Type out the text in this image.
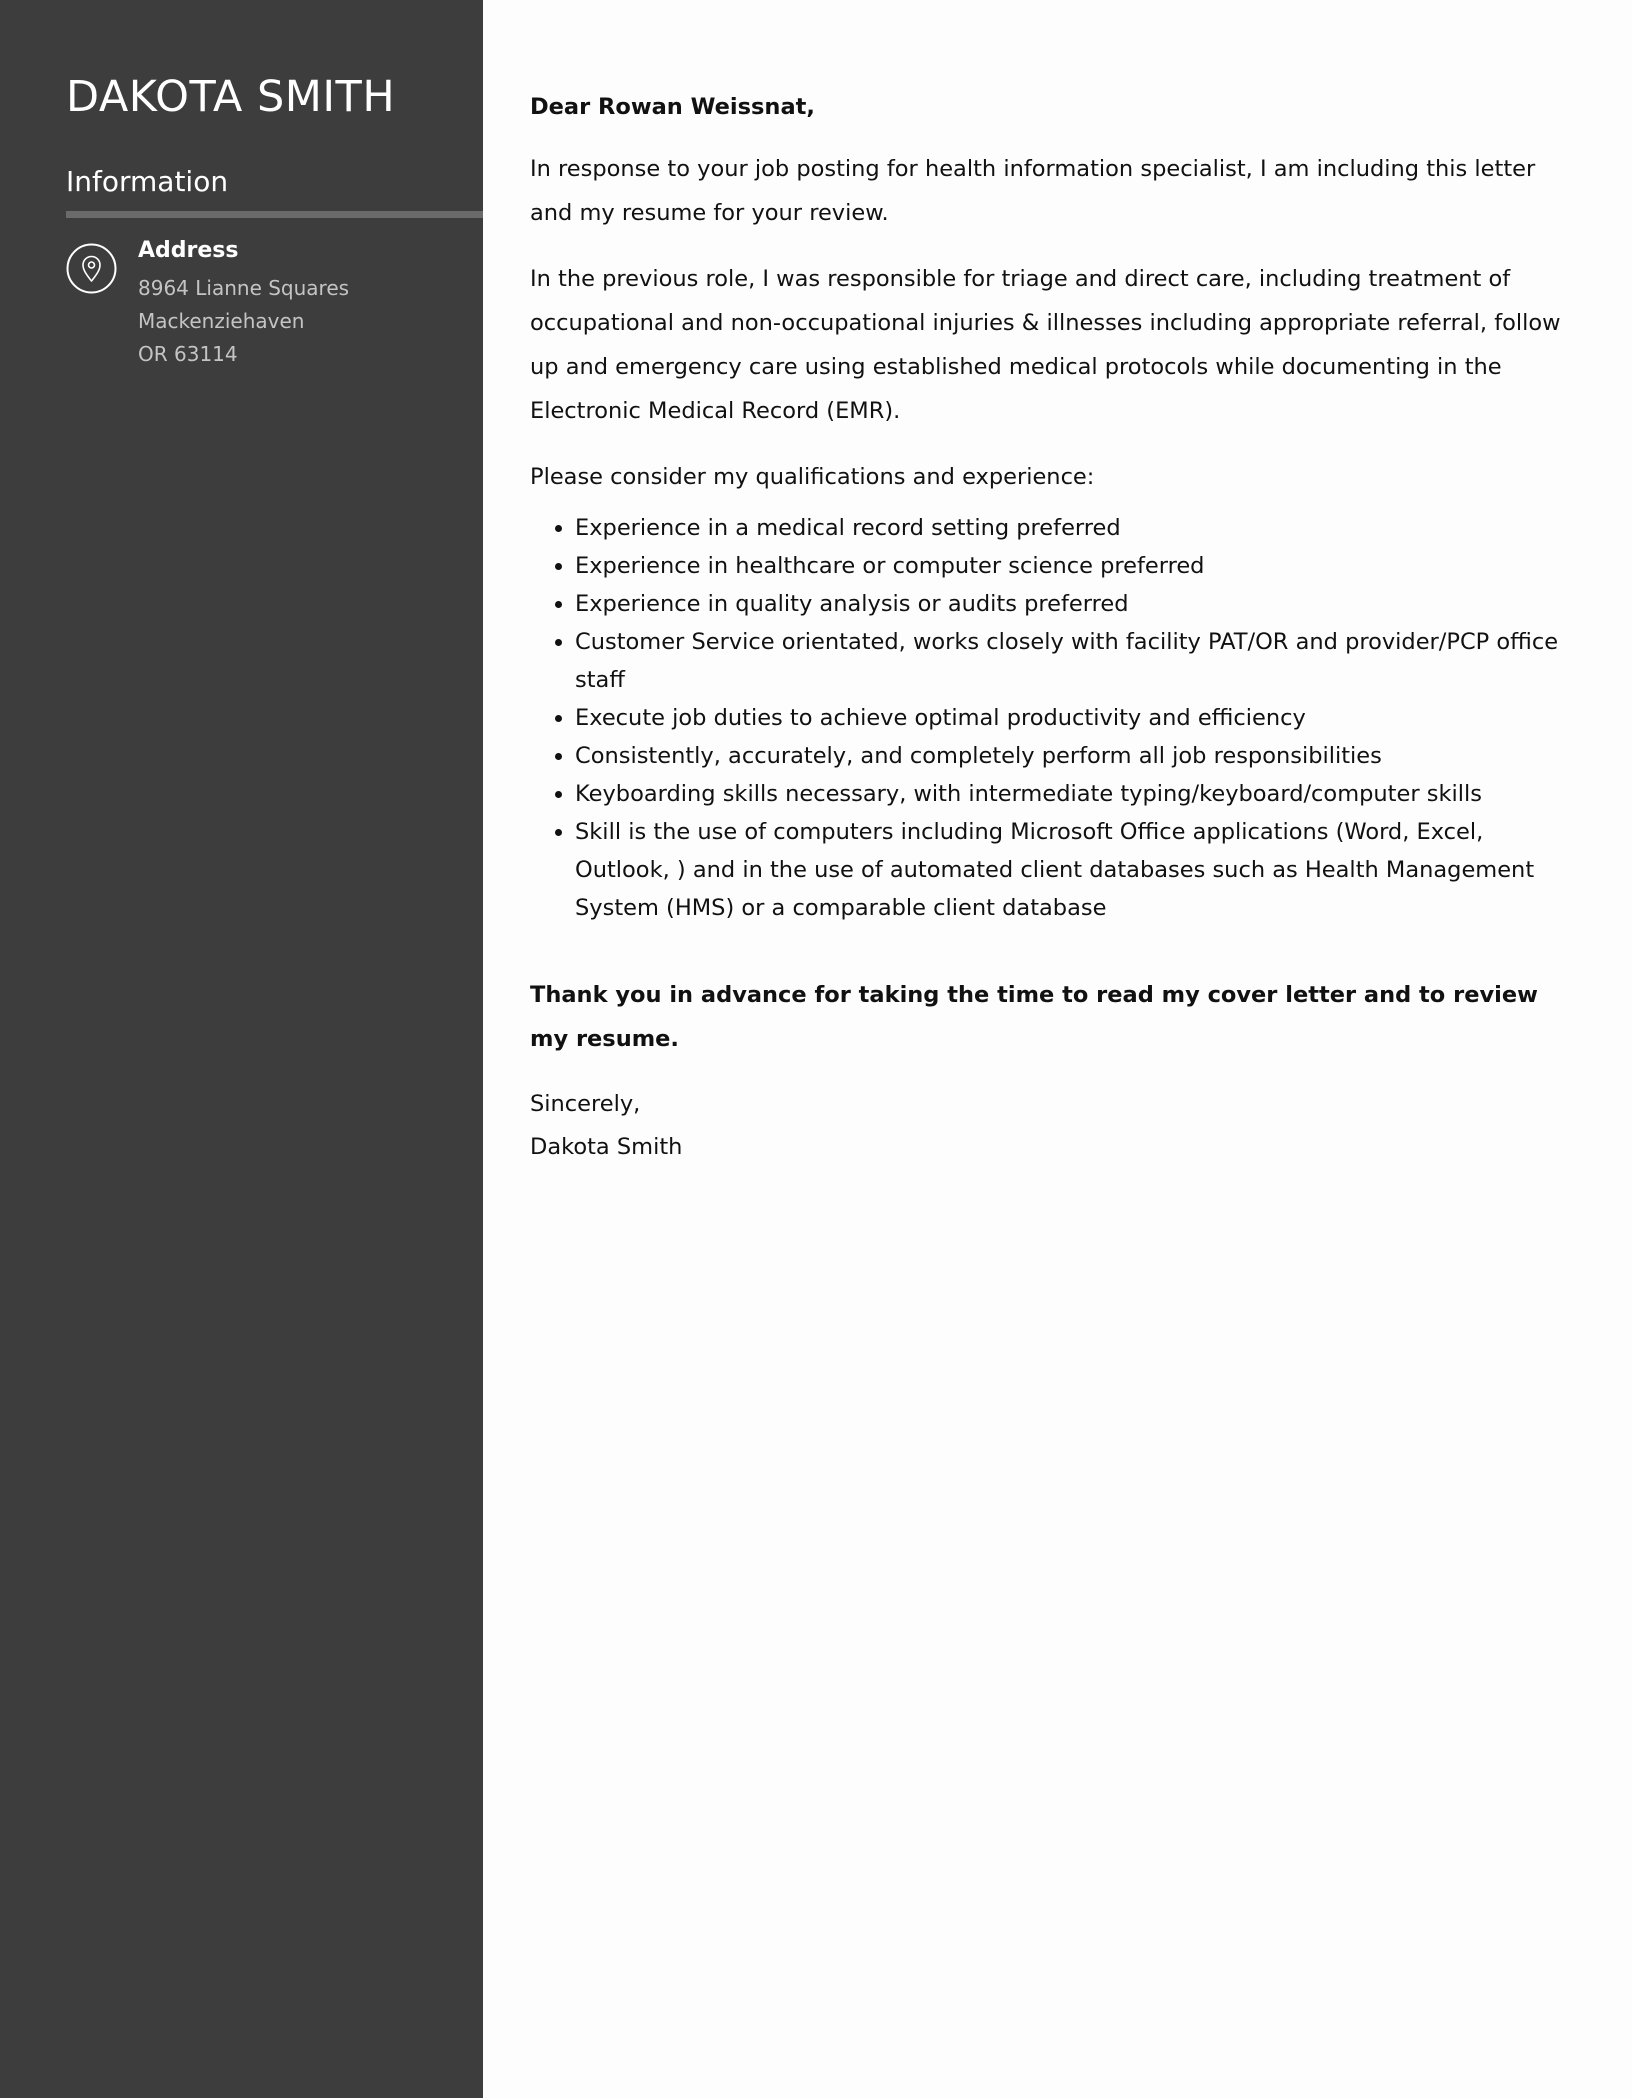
DAKOTA SMITH
Information
Address
8964 Lianne Squares
Mackenziehaven
OR 63114

Dear Rowan Weissnat,

In response to your job posting for health information specialist, I am including this letter and my resume for your review.

In the previous role, I was responsible for triage and direct care, including treatment of occupational and non-occupational injuries & illnesses including appropriate referral, follow up and emergency care using established medical protocols while documenting in the Electronic Medical Record (EMR).

Please consider my qualifications and experience:

• Experience in a medical record setting preferred
• Experience in healthcare or computer science preferred
• Experience in quality analysis or audits preferred
• Customer Service orientated, works closely with facility PAT/OR and provider/PCP office staff
• Execute job duties to achieve optimal productivity and efficiency
• Consistently, accurately, and completely perform all job responsibilities
• Keyboarding skills necessary, with intermediate typing/keyboard/computer skills
• Skill is the use of computers including Microsoft Office applications (Word, Excel, Outlook, ) and in the use of automated client databases such as Health Management System (HMS) or a comparable client database

Thank you in advance for taking the time to read my cover letter and to review my resume.

Sincerely,

Dakota Smith
